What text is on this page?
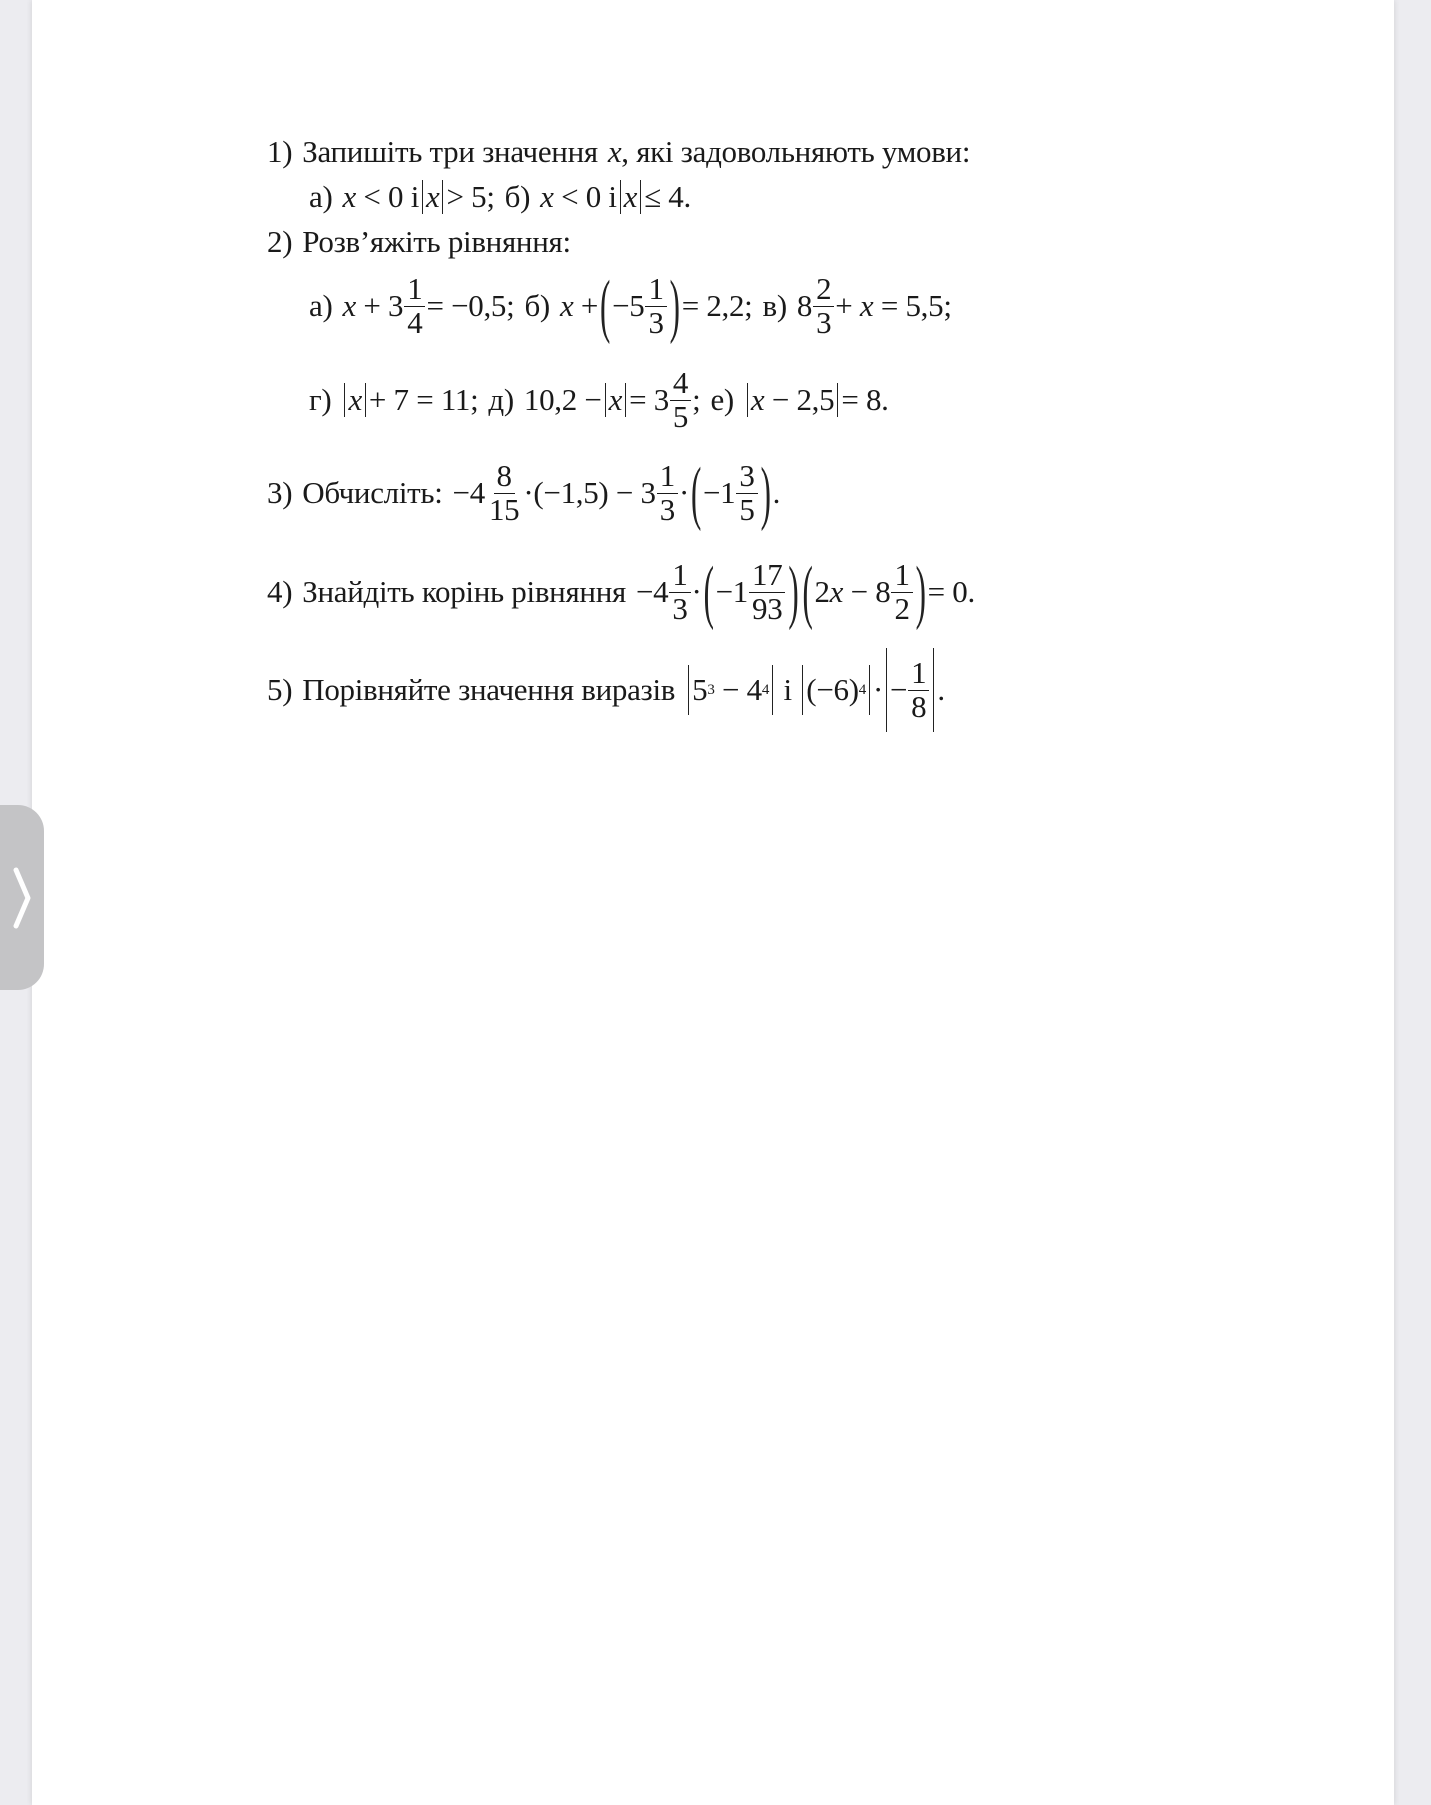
1) Запишіть три значення x , які задовольняють умови:
а) x
< 0 і x > 5; б) x
< 0 і x ≤ 4.
2) Розв’яжіть рівняння:
а) x
+ $3 \frac{1}{4} = -0,5$; б) x
+ ( $-5 \frac{1}{3}$ ) = 2,2; в) $8 \frac{2}{3}$ +
x
= 5,5;
г) x + 7 = 11; д) $10,2 - x = 3 \frac{4}{5}$ ; е) x
− 2,5 = 8.
3) Обчисліть: $-4 \frac{8}{15} \cdot(-1,5) - 3 \frac{1}{3}$ · ( $-1 \frac{3}{5}$ ) .
4) Знайдіть корінь рівняння $-4 \frac{1}{3}$ · ( $-1 \frac{17}{93}$ ) ( 2 $x - 8 \frac{1}{2}$ ) = 0.
5) Порівняйте значення виразів 5 3 − 4 4
і
(−6) 4 · − $\frac{1}{8}$ .
